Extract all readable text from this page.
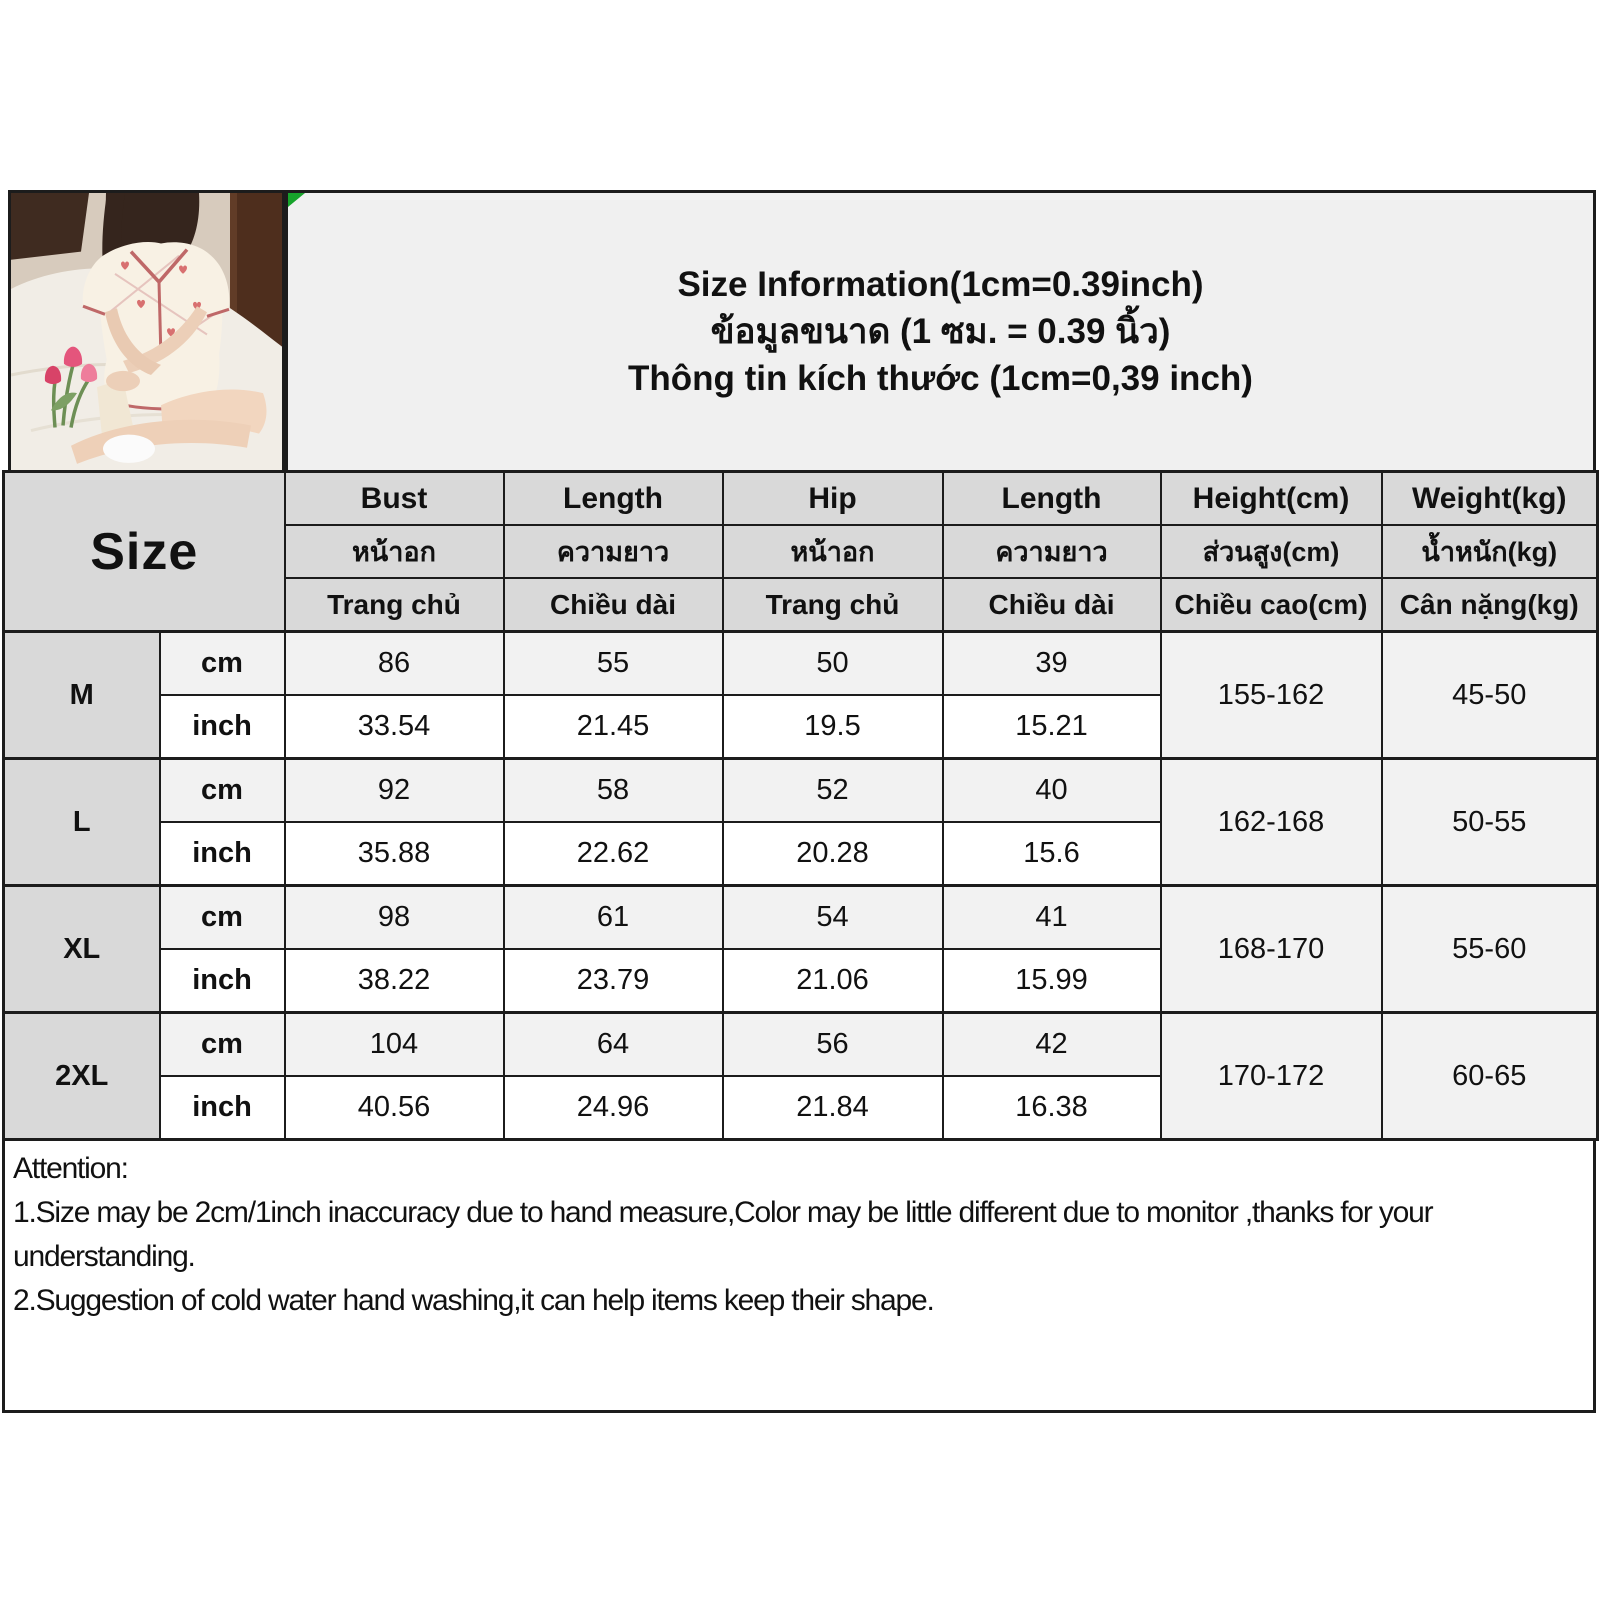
Size Information(1cm=0.39inch)
ข้อมูลขนาด (1 ซม. = 0.39 นิ้ว)
Thông tin kích thước (1cm=0,39 inch)
Size		Bust	Length	Hip	Length	Height(cm)	Weight(kg)
		หน้าอก	ความยาว	หน้าอก	ความยาว	ส่วนสูง(cm)	น้ำหนัก(kg)
		Trang chủ	Chiều dài	Trang chủ	Chiều dài	Chiều cao(cm)	Cân nặng(kg)
M	cm	86	55	50	39	155-162	45-50
	inch	33.54	21.45	19.5	15.21		
L	cm	92	58	52	40	162-168	50-55
	inch	35.88	22.62	20.28	15.6		
XL	cm	98	61	54	41	168-170	55-60
	inch	38.22	23.79	21.06	15.99		
2XL	cm	104	64	56	42	170-172	60-65
	inch	40.56	24.96	21.84	16.38		

Attention:

1.Size may be 2cm/1inch inaccuracy due to hand measure,Color may be little different due to monitor ,thanks for your understanding.

2.Suggestion of cold water hand washing,it can help items keep their shape.
